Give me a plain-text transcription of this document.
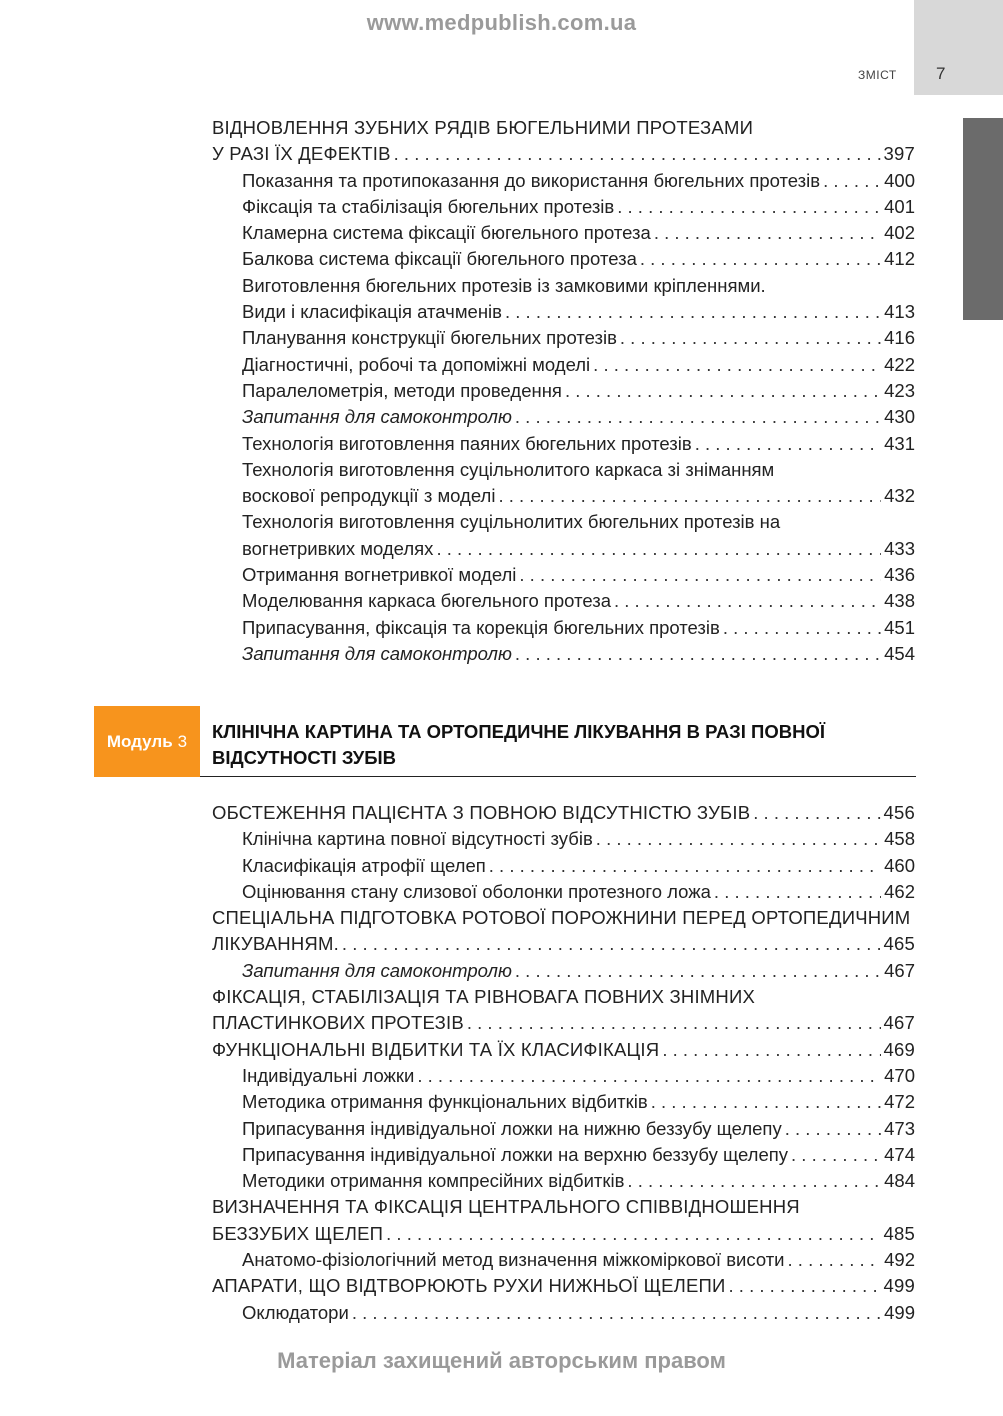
www.medpublish.com.ua
ЗМІСТ 7
ВІДНОВЛЕННЯ ЗУБНИХ РЯДІВ БЮГЕЛЬНИМИ ПРОТЕЗАМИ
У РАЗІ ЇХ ДЕФЕКТІВ . . .	397
Показання та протипоказання до використання бюгельних протезів . . .	400
Фіксація та стабілізація бюгельних протезів . . .	401
Кламерна система фіксації бюгельного протеза . . .	402
Балкова система фіксації бюгельного протеза . . .	412
Виготовлення бюгельних протезів із замковими кріпленнями.
Види і класифікація атачменів . . .	413
Планування конструкції бюгельних протезів . . .	416
Діагностичні, робочі та допоміжні моделі . . .	422
Паралелометрія, методи проведення . . .	423
Запитання для самоконтролю . . .	430
Технологія виготовлення паяних бюгельних протезів . . .	431
Технологія виготовлення суцільнолитого каркаса зі зніманням
воскової репродукції з моделі . . .	432
Технологія виготовлення суцільнолитих бюгельних протезів на
вогнетривких моделях . . .	433
Отримання вогнетривкої моделі . . .	436
Моделювання каркаса бюгельного протеза . . .	438
Припасування, фіксація та корекція бюгельних протезів . . .	451
Запитання для самоконтролю . . .	454
Модуль 3 КЛІНІЧНА КАРТИНА ТА ОРТОПЕДИЧНЕ ЛІКУВАННЯ В РАЗІ ПОВНОЇ
ВІДСУТНОСТІ ЗУБІВ
ОБСТЕЖЕННЯ ПАЦІЄНТА З ПОВНОЮ ВІДСУТНІСТЮ ЗУБІВ . . .	456
Клінічна картина повної відсутності зубів . . .	458
Класифікація атрофії щелеп . . .	460
Оцінювання стану слизової оболонки протезного ложа . . .	462
СПЕЦІАЛЬНА ПІДГОТОВКА РОТОВОЇ ПОРОЖНИНИ ПЕРЕД ОРТОПЕДИЧНИМ
ЛІКУВАННЯМ. . . .	465
Запитання для самоконтролю . . .	467
ФІКСАЦІЯ, СТАБІЛІЗАЦІЯ ТА РІВНОВАГА ПОВНИХ ЗНІМНИХ
ПЛАСТИНКОВИХ ПРОТЕЗІВ . . .	467
ФУНКЦІОНАЛЬНІ ВІДБИТКИ ТА ЇХ КЛАСИФІКАЦІЯ . . .	469
Індивідуальні ложки . . .	470
Методика отримання функціональних відбитків . . .	472
Припасування індивідуальної ложки на нижню беззубу щелепу . . .	473
Припасування індивідуальної ложки на верхню беззубу щелепу . . .	474
Методики отримання компресійних відбитків . . .	484
ВИЗНАЧЕННЯ ТА ФІКСАЦІЯ ЦЕНТРАЛЬНОГО СПІВВІДНОШЕННЯ
БЕЗЗУБИХ ЩЕЛЕП . . .	485
Анатомо-фізіологічний метод визначення міжкоміркової висоти . . .	492
АПАРАТИ, ЩО ВІДТВОРЮЮТЬ РУХИ НИЖНЬОЇ ЩЕЛЕПИ . . .	499
Оклюдатори . . .	499
Матеріал захищений авторським правом
